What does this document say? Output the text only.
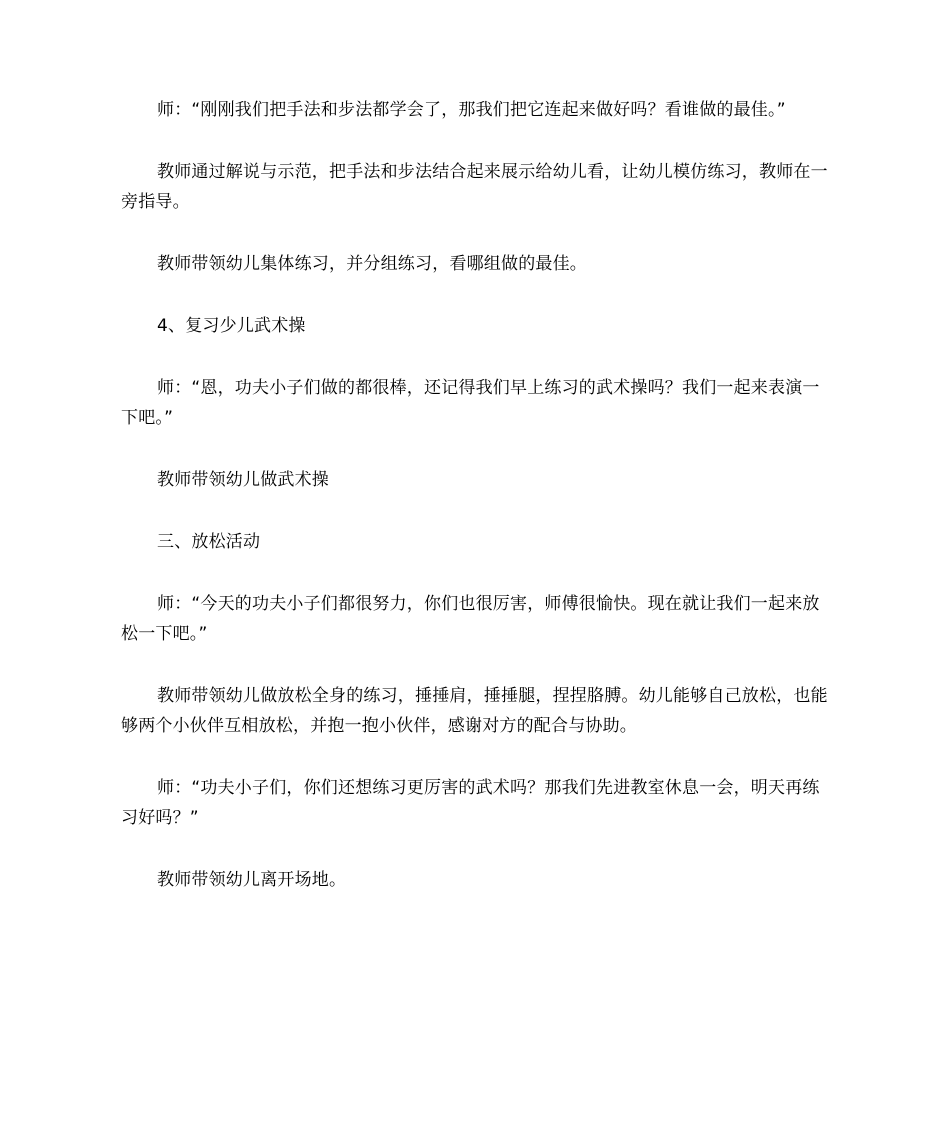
师：“刚刚我们把手法和步法都学会了，那我们把它连起来做好吗？看谁做的最佳。”

教师通过解说与示范，把手法和步法结合起来展示给幼儿看，让幼儿模仿练习，教师在一旁指导。

教师带领幼儿集体练习，并分组练习，看哪组做的最佳。

4、复习少儿武术操

师：“恩，功夫小子们做的都很棒，还记得我们早上练习的武术操吗？我们一起来表演一下吧。”

教师带领幼儿做武术操

三、放松活动

师：“今天的功夫小子们都很努力，你们也很厉害，师傅很愉快。现在就让我们一起来放松一下吧。”

教师带领幼儿做放松全身的练习，捶捶肩，捶捶腿，捏捏胳膊。幼儿能够自己放松，也能够两个小伙伴互相放松，并抱一抱小伙伴，感谢对方的配合与协助。

师：“功夫小子们，你们还想练习更厉害的武术吗？那我们先进教室休息一会，明天再练习好吗？”

教师带领幼儿离开场地。
